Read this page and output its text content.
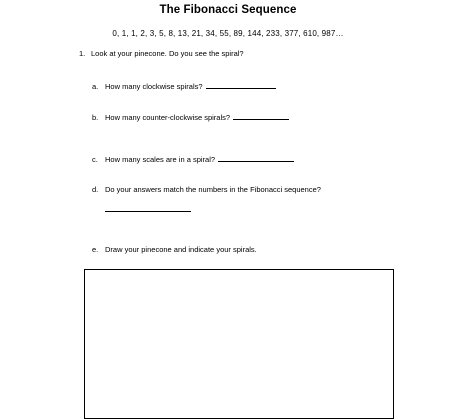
The Fibonacci Sequence
0, 1, 1, 2, 3, 5, 8, 13, 21, 34, 55, 89, 144, 233, 377, 610, 987…
1. Look at your pinecone. Do you see the spiral?
a. How many clockwise spirals?
b. How many counter-clockwise spirals?
c. How many scales are in a spiral?
d. Do your answers match the numbers in the Fibonacci sequence?
e. Draw your pinecone and indicate your spirals.
